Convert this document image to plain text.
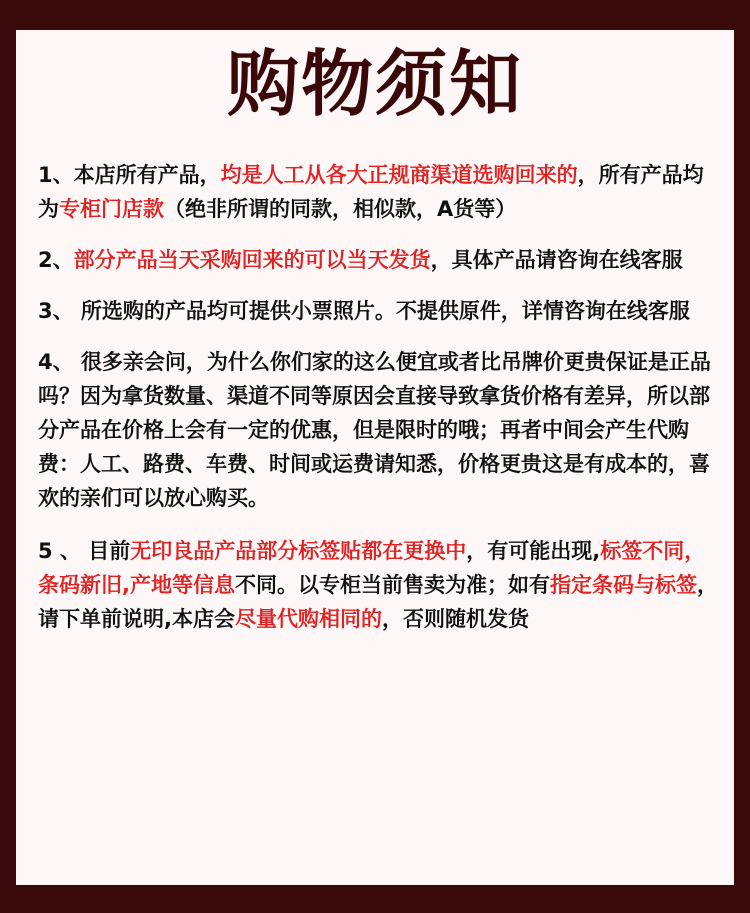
购物须知
1、本店所有产品，均是人工从各大正规商渠道选购回来的，所有产品均为专柜门店款（绝非所谓的同款，相似款，A货等）
2、部分产品当天采购回来的可以当天发货，具体产品请咨询在线客服
3、 所选购的产品均可提供小票照片。不提供原件，详情咨询在线客服
4、 很多亲会问，为什么你们家的这么便宜或者比吊牌价更贵保证是正品吗？因为拿货数量、渠道不同等原因会直接导致拿货价格有差异，所以部分产品在价格上会有一定的优惠，但是限时的哦；再者中间会产生代购费：人工、路费、车费、时间或运费请知悉，价格更贵这是有成本的，喜欢的亲们可以放心购买。
5 、 目前无印良品产品部分标签贴都在更换中，有可能出现,标签不同，条码新旧,产地等信息不同。以专柜当前售卖为准；如有指定条码与标签，请下单前说明,本店会尽量代购相同的，否则随机发货
